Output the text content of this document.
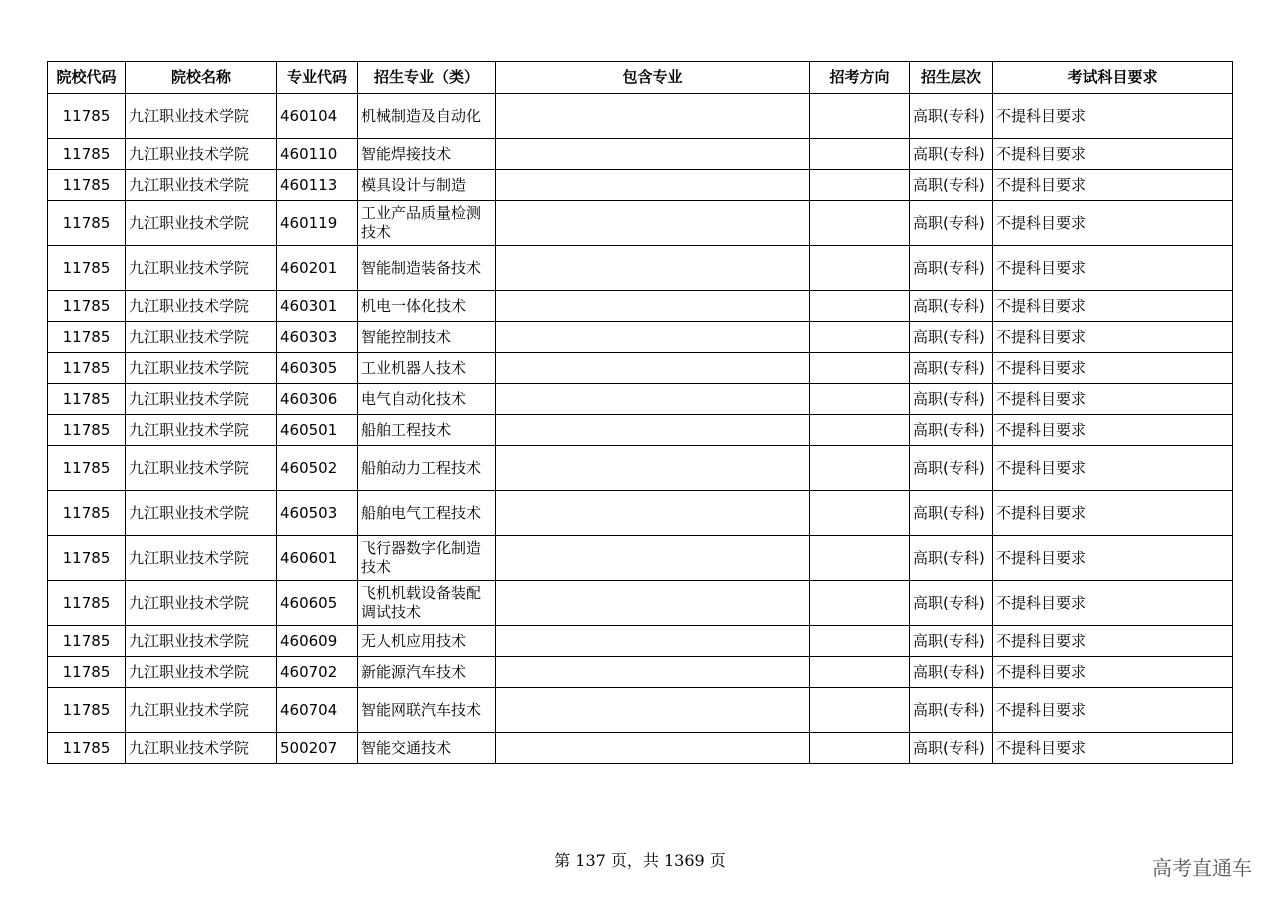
院校代码	院校名称	专业代码	招生专业（类）	包含专业	招考方向	招生层次	考试科目要求
11785	九江职业技术学院	460104	机械制造及自动化			高职(专科)	不提科目要求
11785	九江职业技术学院	460110	智能焊接技术			高职(专科)	不提科目要求
11785	九江职业技术学院	460113	模具设计与制造			高职(专科)	不提科目要求
11785	九江职业技术学院	460119	工业产品质量检测技术			高职(专科)	不提科目要求
11785	九江职业技术学院	460201	智能制造装备技术			高职(专科)	不提科目要求
11785	九江职业技术学院	460301	机电一体化技术			高职(专科)	不提科目要求
11785	九江职业技术学院	460303	智能控制技术			高职(专科)	不提科目要求
11785	九江职业技术学院	460305	工业机器人技术			高职(专科)	不提科目要求
11785	九江职业技术学院	460306	电气自动化技术			高职(专科)	不提科目要求
11785	九江职业技术学院	460501	船舶工程技术			高职(专科)	不提科目要求
11785	九江职业技术学院	460502	船舶动力工程技术			高职(专科)	不提科目要求
11785	九江职业技术学院	460503	船舶电气工程技术			高职(专科)	不提科目要求
11785	九江职业技术学院	460601	飞行器数字化制造技术			高职(专科)	不提科目要求
11785	九江职业技术学院	460605	飞机机载设备装配调试技术			高职(专科)	不提科目要求
11785	九江职业技术学院	460609	无人机应用技术			高职(专科)	不提科目要求
11785	九江职业技术学院	460702	新能源汽车技术			高职(专科)	不提科目要求
11785	九江职业技术学院	460704	智能网联汽车技术			高职(专科)	不提科目要求
11785	九江职业技术学院	500207	智能交通技术			高职(专科)	不提科目要求
第 137 页，共 1369 页	高考直通车
